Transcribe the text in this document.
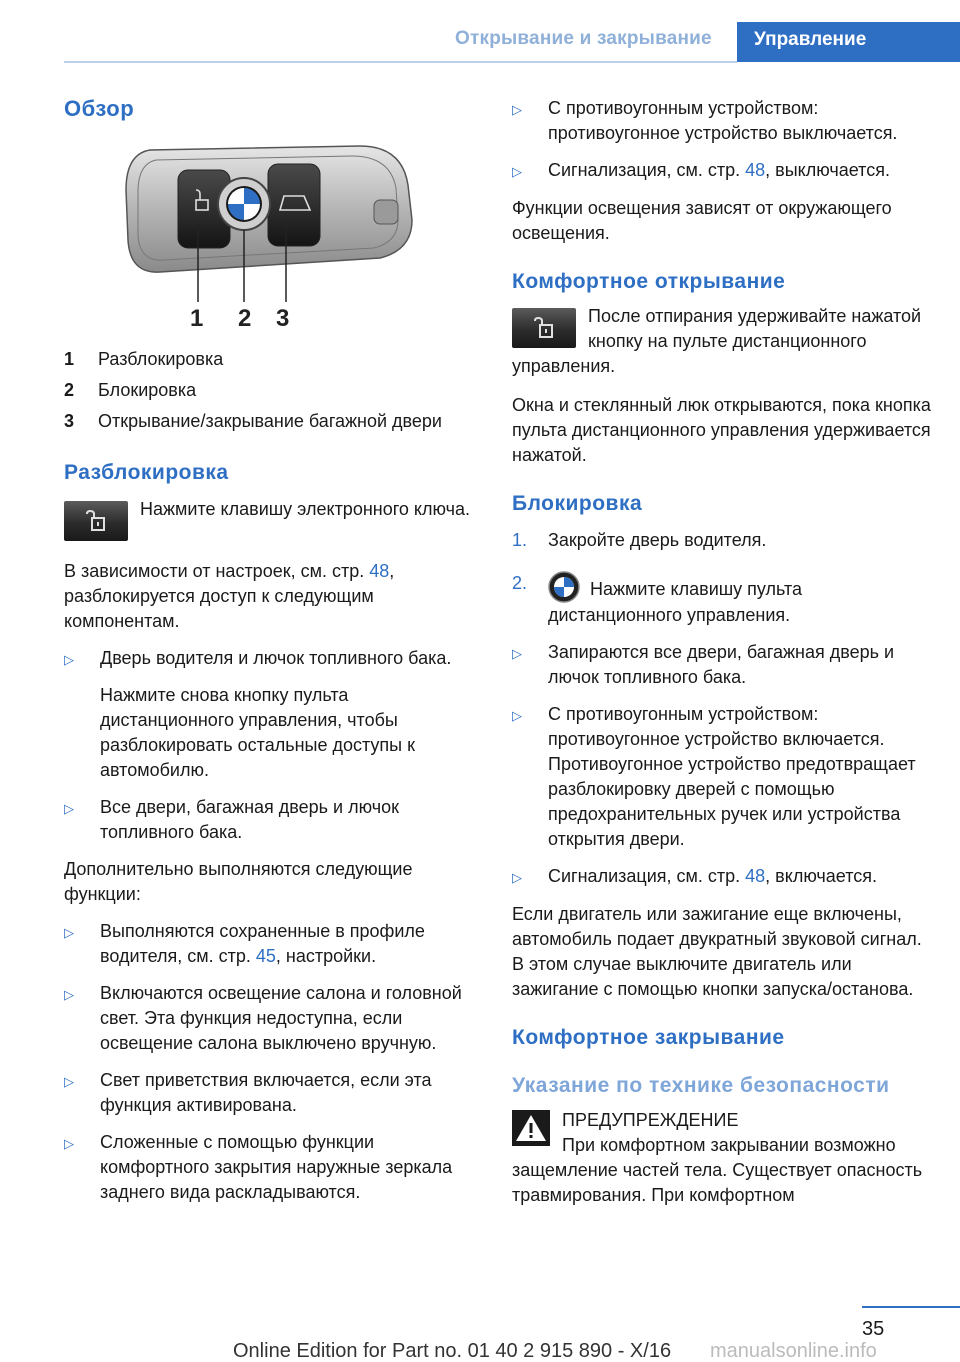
Открывание и закрывание	Управление
Обзор
1 2 3
1	Разблокировка
2	Блокировка
3	Открывание/закрывание багажной двери
Разблокировка

Нажмите клавишу электронного ключа.

В зависимости от настроек, см. стр. 48, разблокируется доступ к следующим компонентам.

▷	Дверь водителя и лючок топливного бака.

Нажмите снова кнопку пульта дистанционного управления, чтобы разблокировать остальные доступы к автомобилю.

▷	Все двери, багажная дверь и лючок топливного бака.

Дополнительно выполняются следующие функции:

▷	Выполняются сохраненные в профиле водителя, см. стр. 45, настройки.

▷	Включаются освещение салона и головной свет. Эта функция недоступна, если освещение салона выключено вручную.

▷	Свет приветствия включается, если эта функция активирована.

▷	Сложенные с помощью функции комфортного закрытия наружные зеркала заднего вида раскладываются.

▷	С противоугонным устройством: противоугонное устройство выключается.

▷	Сигнализация, см. стр. 48, выключается.

Функции освещения зависят от окружающего освещения.

Комфортное открывание

После отпирания удерживайте нажатой кнопку на пульте дистанционного управления.

Окна и стеклянный люк открываются, пока кнопка пульта дистанционного управления удерживается нажатой.

Блокировка
1.	Закройте дверь водителя.

2.	Нажмите клавишу пульта дистанционного управления.

▷	Запираются все двери, багажная дверь и лючок топливного бака.

▷	С противоугонным устройством: противоугонное устройство включается. Противоугонное устройство предотвращает разблокировку дверей с помощью предохранительных ручек или устройства открытия двери.

▷	Сигнализация, см. стр. 48, включается.

Если двигатель или зажигание еще включены, автомобиль подает двукратный звуковой сигнал. В этом случае выключите двигатель или зажигание с помощью кнопки запуска/останова.

Комфортное закрывание
Указание по технике безопасности

ПРЕДУПРЕЖДЕНИЕ

При комфортном закрывании возможно защемление частей тела. Существует опасность травмирования. При комфортном

35
Online Edition for Part no. 01 40 2 915 890 - X/16 manualsonline.info
